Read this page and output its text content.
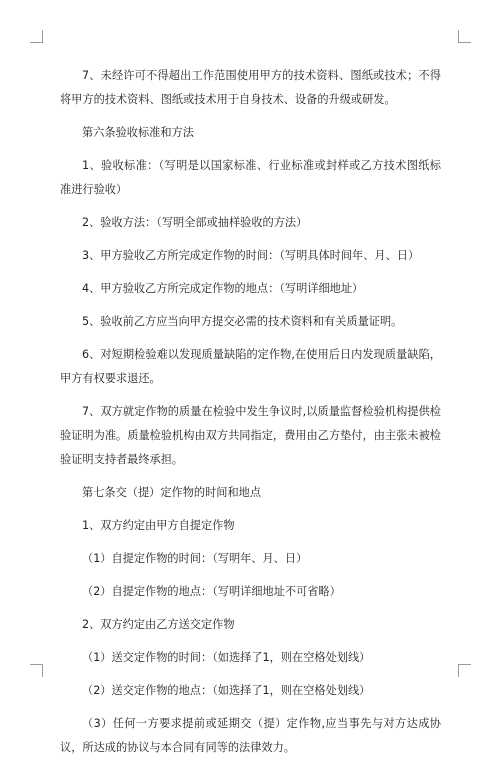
7、未经许可不得超出工作范围使用甲方的技术资料、图纸或技术；不得将甲方的技术资料、图纸或技术用于自身技术、设备的升级或研发。

第六条验收标准和方法

1、验收标准：（写明是以国家标准、行业标准或封样或乙方技术图纸标准进行验收）

2、验收方法：（写明全部或抽样验收的方法）

3、甲方验收乙方所完成定作物的时间：（写明具体时间年、月、日）

4、甲方验收乙方所完成定作物的地点：（写明详细地址）

5、验收前乙方应当向甲方提交必需的技术资料和有关质量证明。

6、对短期检验难以发现质量缺陷的定作物,在使用后日内发现质量缺陷，甲方有权要求退还。

7、双方就定作物的质量在检验中发生争议时,以质量监督检验机构提供检验证明为准。质量检验机构由双方共同指定，费用由乙方垫付，由主张未被检验证明支持者最终承担。

第七条交（提）定作物的时间和地点

1、双方约定由甲方自提定作物

（1）自提定作物的时间：（写明年、月、日）

（2）自提定作物的地点：（写明详细地址不可省略）

2、双方约定由乙方送交定作物

（1）送交定作物的时间：（如选择了1，则在空格处划线）

（2）送交定作物的地点：（如选择了1，则在空格处划线）

（3）任何一方要求提前或延期交（提）定作物,应当事先与对方达成协议，所达成的协议与本合同有同等的法律效力。
